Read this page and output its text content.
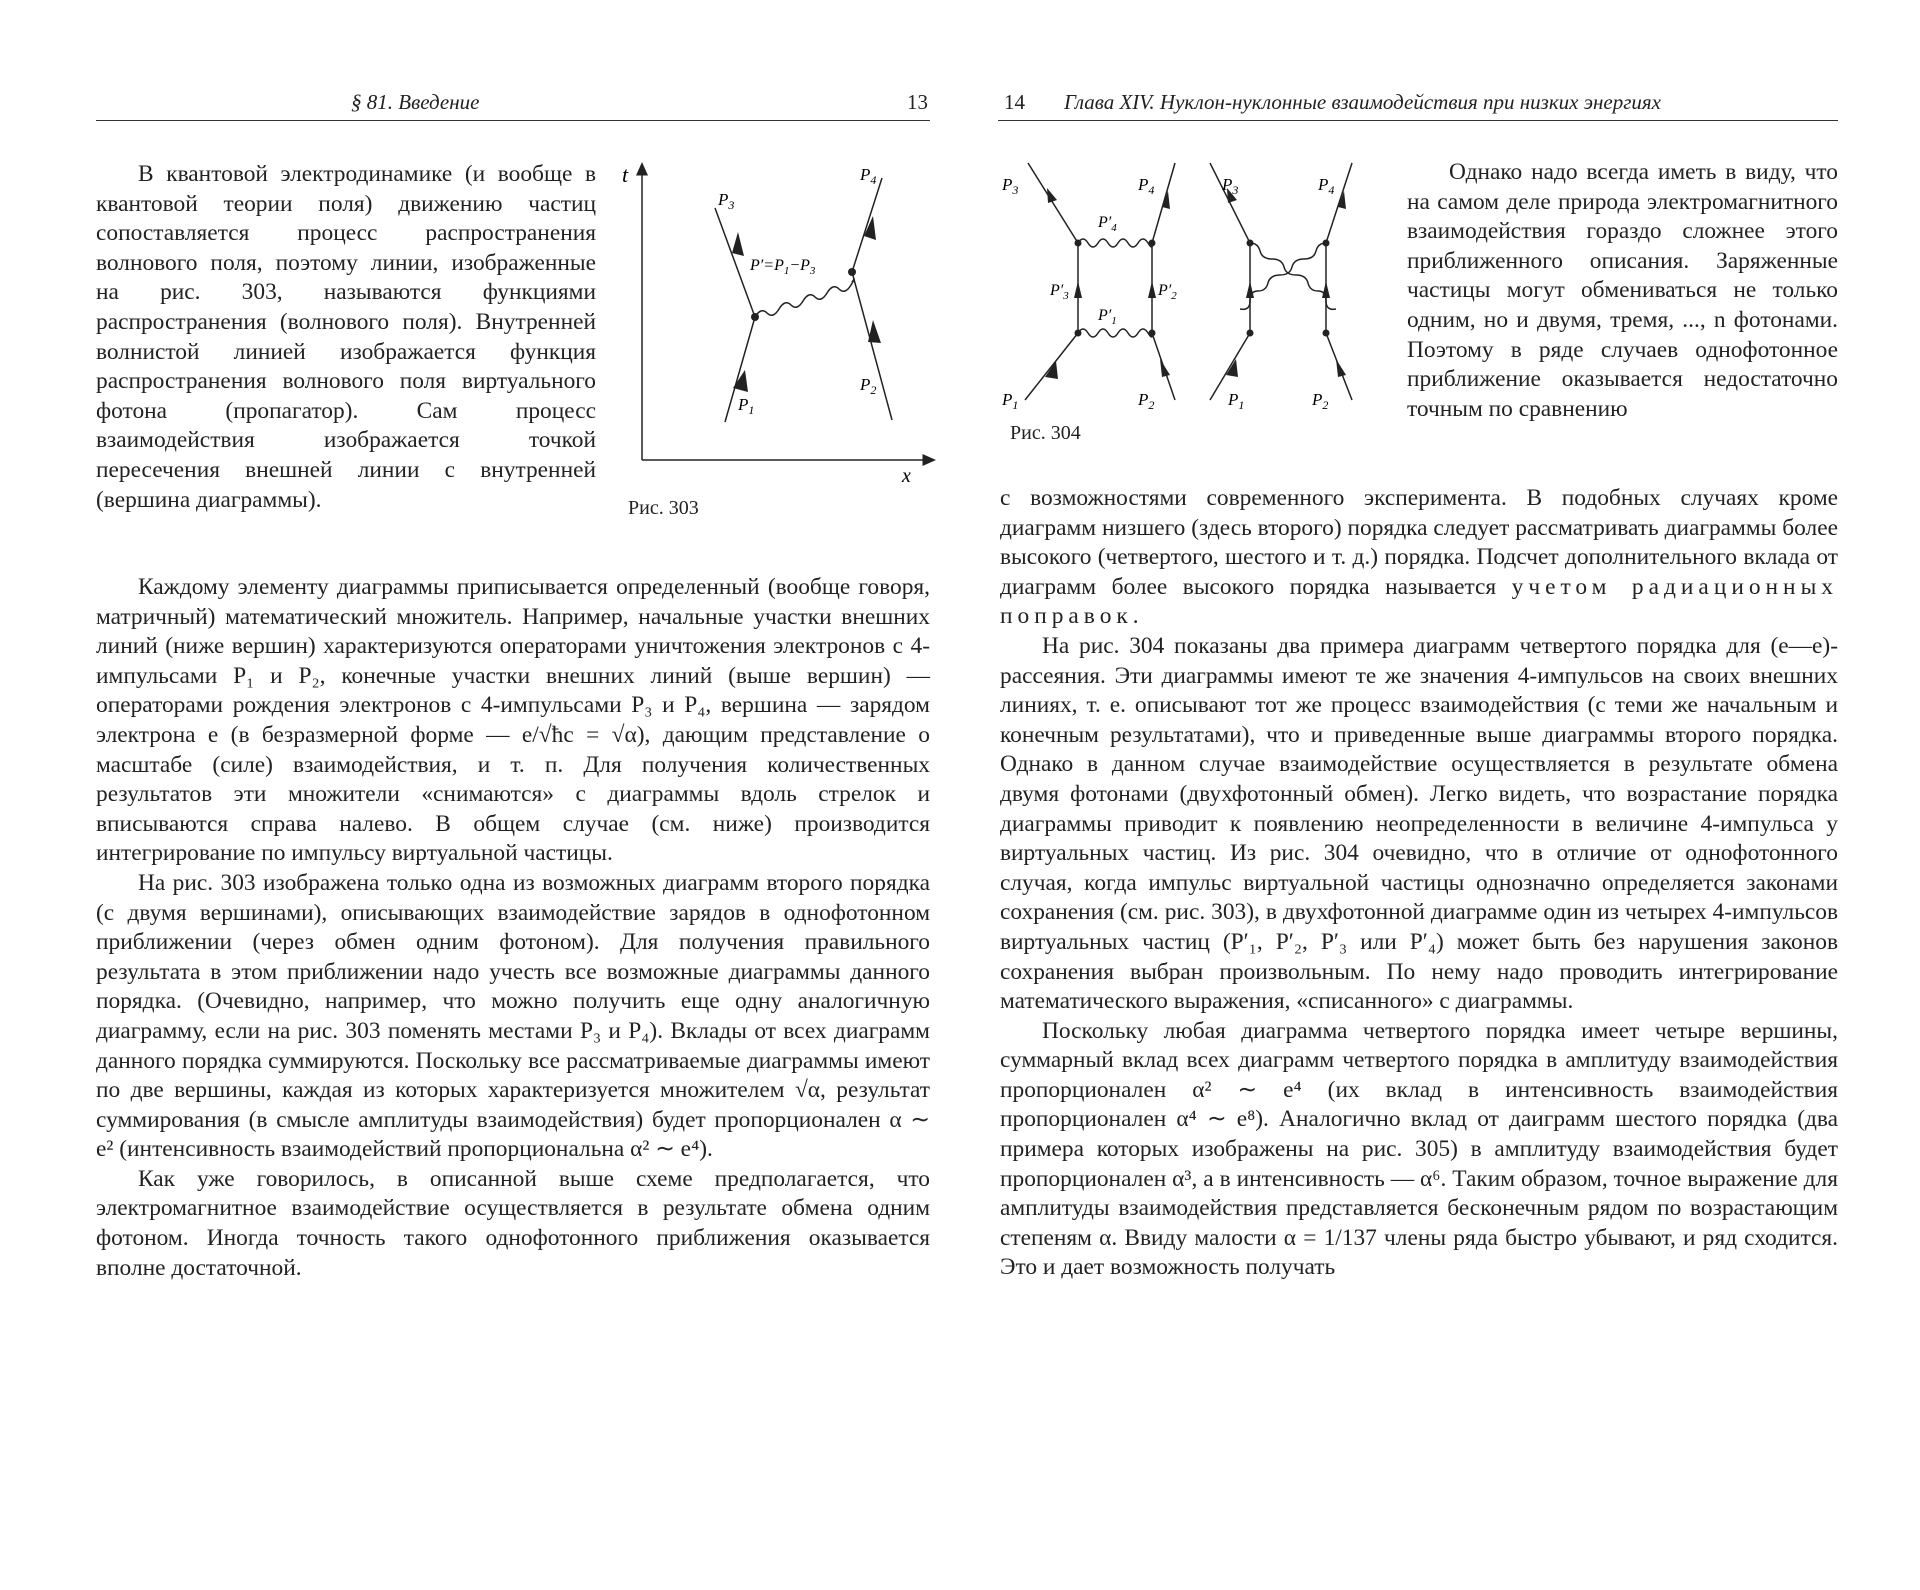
§ 81. Введение	13
t
x
$P_3$
$P_4$
$P_1$
$P_2$
$P'=P_1-P_3$
Рис. 303

В квантовой электродинамике (и вообще в квантовой теории поля) движению частиц сопоставляется процесс распространения волнового поля, поэтому линии, изображенные на рис. 303, называются функциями распространения (волнового поля). Внутренней волнистой линией изображается функция распространения волнового поля виртуального фотона (пропагатор). Сам процесс взаимодействия изображается точкой пересечения внешней линии с внутренней (вершина диаграммы).

Каждому элементу диаграммы приписывается определенный (вообще говоря, матричный) математический множитель. Например, начальные участки внешних линий (ниже вершин) характеризуются операторами уничтожения электронов с 4-импульсами P₁ и P₂, конечные участки внешних линий (выше вершин) — операторами рождения электронов с 4-импульсами P₃ и P₄, вершина — зарядом электрона e (в безразмерной форме — e/√ħc = √α), дающим представление о масштабе (силе) взаимодействия, и т. п. Для получения количественных результатов эти множители «снимаются» с диаграммы вдоль стрелок и вписываются справа налево. В общем случае (см. ниже) производится интегрирование по импульсу виртуальной частицы.

На рис. 303 изображена только одна из возможных диаграмм второго порядка (с двумя вершинами), описывающих взаимодействие зарядов в однофотонном приближении (через обмен одним фотоном). Для получения правильного результата в этом приближении надо учесть все возможные диаграммы данного порядка. (Очевидно, например, что можно получить еще одну аналогичную диаграмму, если на рис. 303 поменять местами P₃ и P₄). Вклады от всех диаграмм данного порядка суммируются. Поскольку все рассматриваемые диаграммы имеют по две вершины, каждая из которых характеризуется множителем √α, результат суммирования (в смысле амплитуды взаимодействия) будет пропорционален α ∼ e² (интенсивность взаимодействий пропорциональна α² ∼ e⁴).

Как уже говорилось, в описанной выше схеме предполагается, что электромагнитное взаимодействие осуществляется в результате обмена одним фотоном. Иногда точность такого однофотонного приближения оказывается вполне достаточной.

14 Глава XIV. Нуклон-нуклонные взаимодействия при низких энергиях
$P_3$	$P_4$
$P_1$	$P_2$
$P'_4$
$P'_1$
$P'_3$	$P'_2$
$P_3$	$P_4$
$P_1$	$P_2$
Рис. 304

Однако надо всегда иметь в виду, что на самом деле природа электромагнитного взаимодействия гораздо сложнее этого приближенного описания. Заряженные частицы могут обмениваться не только одним, но и двумя, тремя, ..., n фотонами. Поэтому в ряде случаев однофотонное приближение оказывается недостаточно точным по сравнению

с возможностями современного эксперимента. В подобных случаях кроме диаграмм низшего (здесь второго) порядка следует рассматривать диаграммы более высокого (четвертого, шестого и т. д.) порядка. Подсчет дополнительного вклада от диаграмм более высокого порядка называется учетом радиационных поправок.

На рис. 304 показаны два примера диаграмм четвертого порядка для (e—e)-рассеяния. Эти диаграммы имеют те же значения 4-импульсов на своих внешних линиях, т. е. описывают тот же процесс взаимодействия (с теми же начальным и конечным результатами), что и приведенные выше диаграммы второго порядка. Однако в данном случае взаимодействие осуществляется в результате обмена двумя фотонами (двухфотонный обмен). Легко видеть, что возрастание порядка диаграммы приводит к появлению неопределенности в величине 4-импульса у виртуальных частиц. Из рис. 304 очевидно, что в отличие от однофотонного случая, когда импульс виртуальной частицы однозначно определяется законами сохранения (см. рис. 303), в двухфотонной диаграмме один из четырех 4-импульсов виртуальных частиц (P′₁, P′₂, P′₃ или P′₄) может быть без нарушения законов сохранения выбран произвольным. По нему надо проводить интегрирование математического выражения, «списанного» с диаграммы.

Поскольку любая диаграмма четвертого порядка имеет четыре вершины, суммарный вклад всех диаграмм четвертого порядка в амплитуду взаимодействия пропорционален α² ∼ e⁴ (их вклад в интенсивность взаимодействия пропорционален α⁴ ∼ e⁸). Аналогично вклад от даиграмм шестого порядка (два примера которых изображены на рис. 305) в амплитуду взаимодействия будет пропорционален α³, а в интенсивность — α⁶. Таким образом, точное выражение для амплитуды взаимодействия представляется бесконечным рядом по возрастающим степеням α. Ввиду малости α = 1/137 члены ряда быстро убывают, и ряд сходится. Это и дает возможность получать
